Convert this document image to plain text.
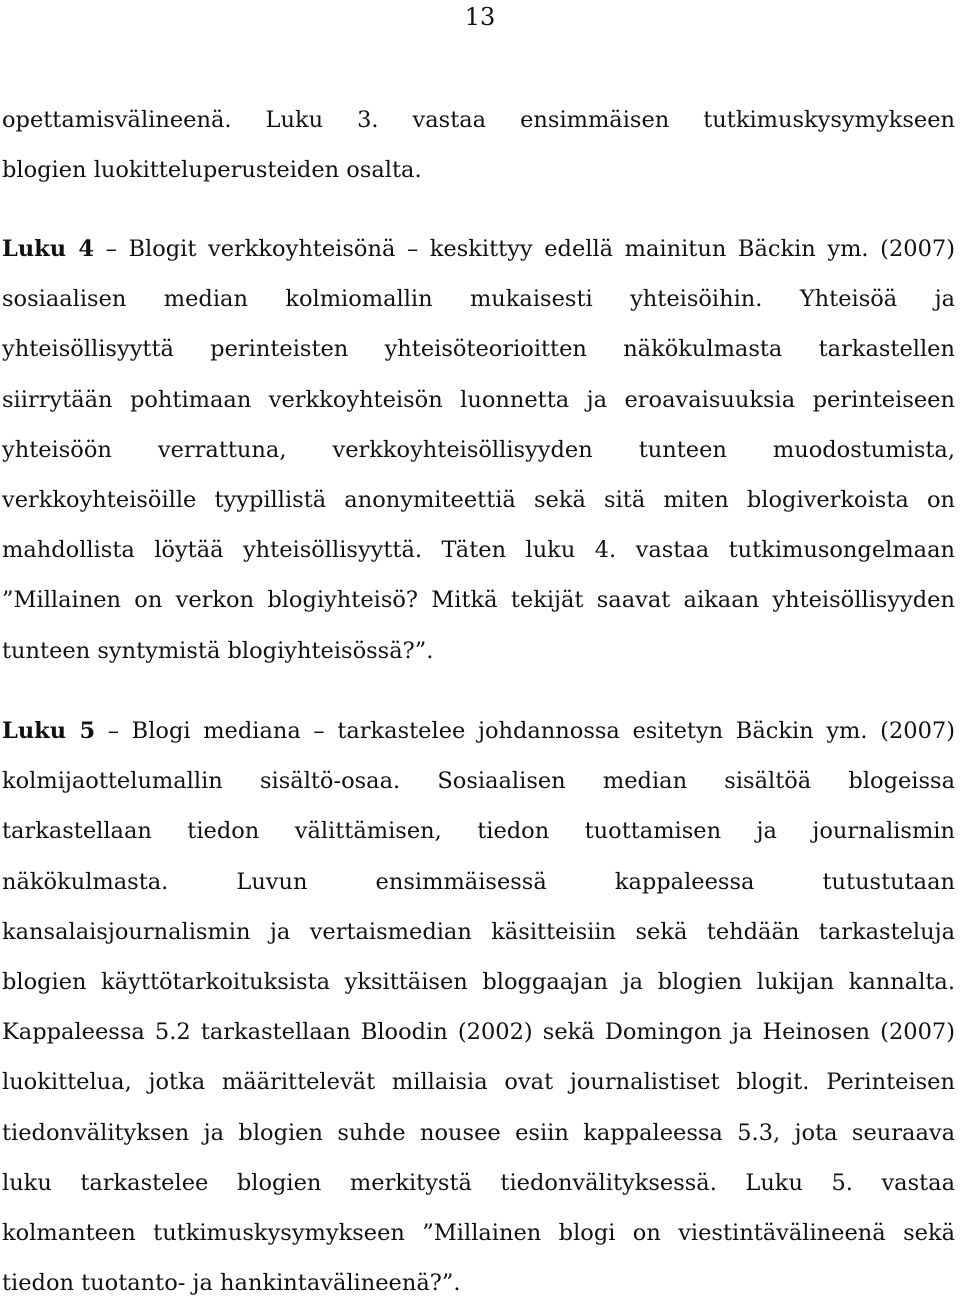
13
opettamisvälineenä. Luku 3. vastaa ensimmäisen tutkimuskysymykseen
blogien luokitteluperusteiden osalta.
Luku 4 – Blogit verkkoyhteisönä – keskittyy edellä mainitun Bäckin ym. (2007)
sosiaalisen median kolmiomallin mukaisesti yhteisöihin. Yhteisöä ja
yhteisöllisyyttä perinteisten yhteisöteorioitten näkökulmasta tarkastellen
siirrytään pohtimaan verkkoyhteisön luonnetta ja eroavaisuuksia perinteiseen
yhteisöön verrattuna, verkkoyhteisöllisyyden tunteen muodostumista,
verkkoyhteisöille tyypillistä anonymiteettiä sekä sitä miten blogiverkoista on
mahdollista löytää yhteisöllisyyttä. Täten luku 4. vastaa tutkimusongelmaan
”Millainen on verkon blogiyhteisö? Mitkä tekijät saavat aikaan yhteisöllisyyden
tunteen syntymistä blogiyhteisössä?”.
Luku 5 – Blogi mediana – tarkastelee johdannossa esitetyn Bäckin ym. (2007)
kolmijaottelumallin sisältö-osaa. Sosiaalisen median sisältöä blogeissa
tarkastellaan tiedon välittämisen, tiedon tuottamisen ja journalismin
näkökulmasta. Luvun ensimmäisessä kappaleessa tutustutaan
kansalaisjournalismin ja vertaismedian käsitteisiin sekä tehdään tarkasteluja
blogien käyttötarkoituksista yksittäisen bloggaajan ja blogien lukijan kannalta.
Kappaleessa 5.2 tarkastellaan Bloodin (2002) sekä Domingon ja Heinosen (2007)
luokittelua, jotka määrittelevät millaisia ovat journalistiset blogit. Perinteisen
tiedonvälityksen ja blogien suhde nousee esiin kappaleessa 5.3, jota seuraava
luku tarkastelee blogien merkitystä tiedonvälityksessä. Luku 5. vastaa
kolmanteen tutkimuskysymykseen ”Millainen blogi on viestintävälineenä sekä
tiedon tuotanto- ja hankintavälineenä?”.
